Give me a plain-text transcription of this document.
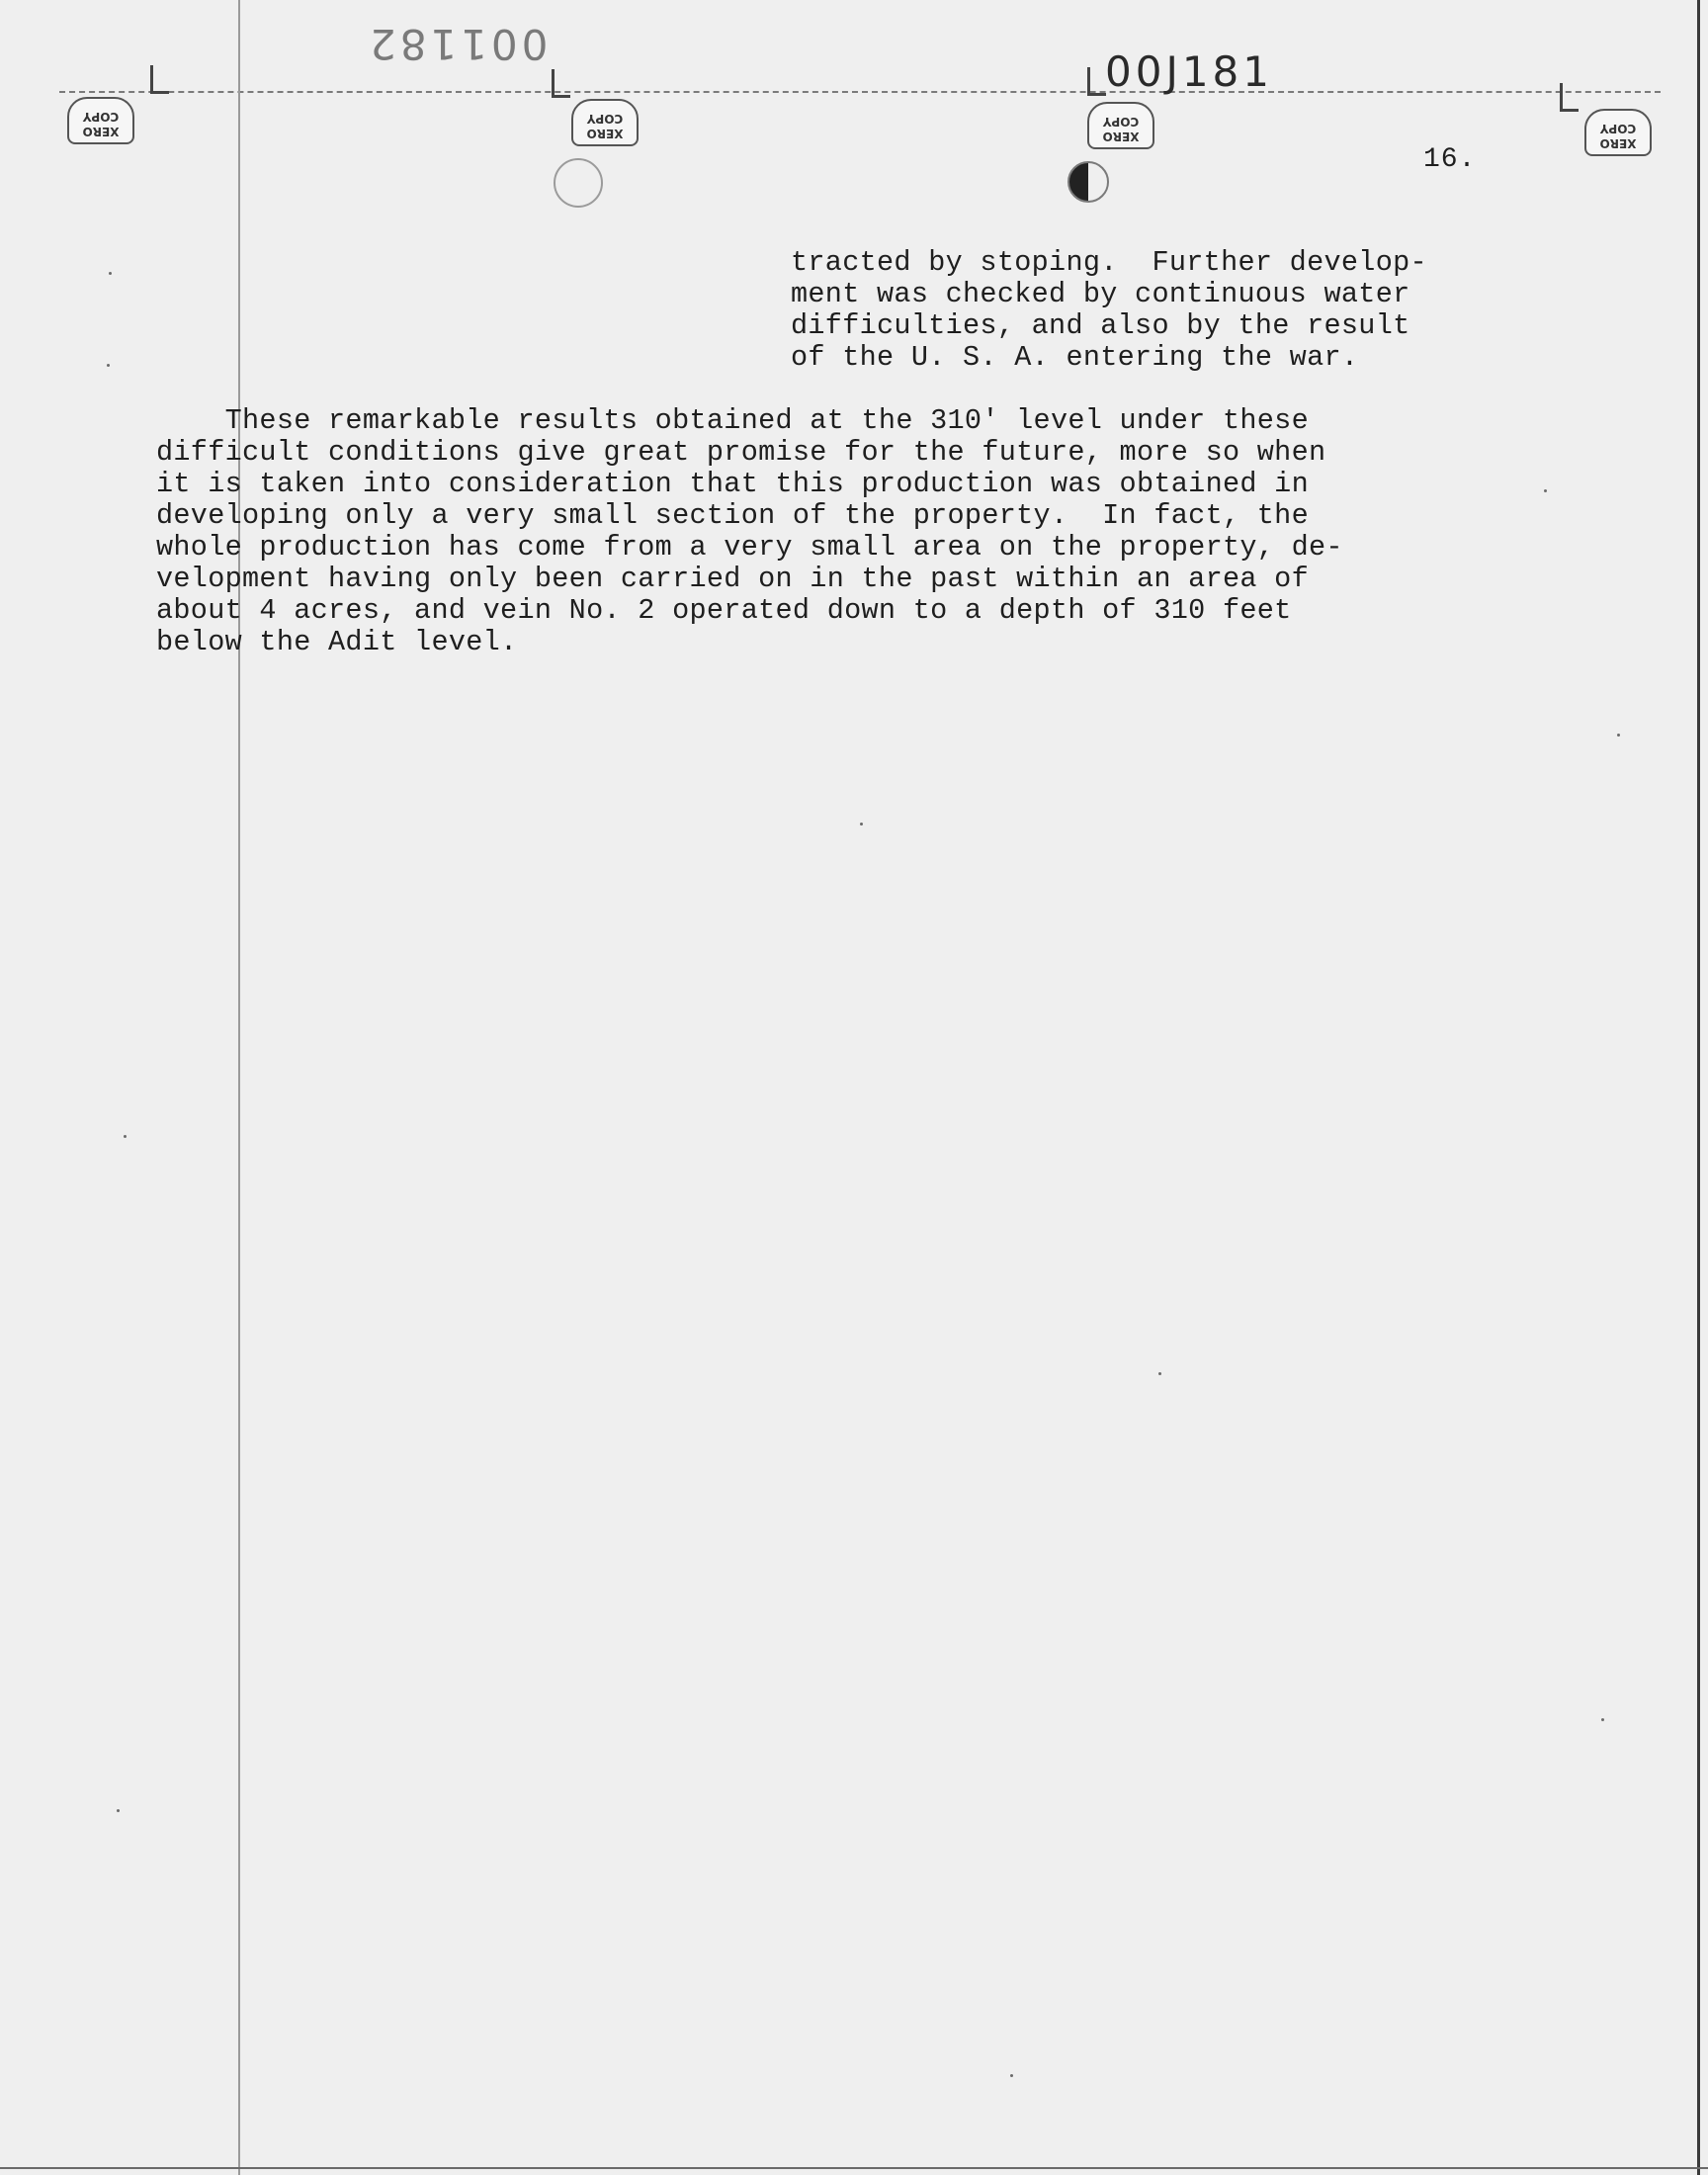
001182
00J181
XERO
COPY
XERO
COPY
XERO
COPY
XERO
COPY
16.
tracted by stoping.  Further develop-
ment was checked by continuous water
difficulties, and also by the result
of the U. S. A. entering the war.
These remarkable results obtained at the 310' level under these
difficult conditions give great promise for the future, more so when
it is taken into consideration that this production was obtained in
developing only a very small section of the property.  In fact, the
whole production has come from a very small area on the property, de-
velopment having only been carried on in the past within an area of
about 4 acres, and vein No. 2 operated down to a depth of 310 feet
below the Adit level.
